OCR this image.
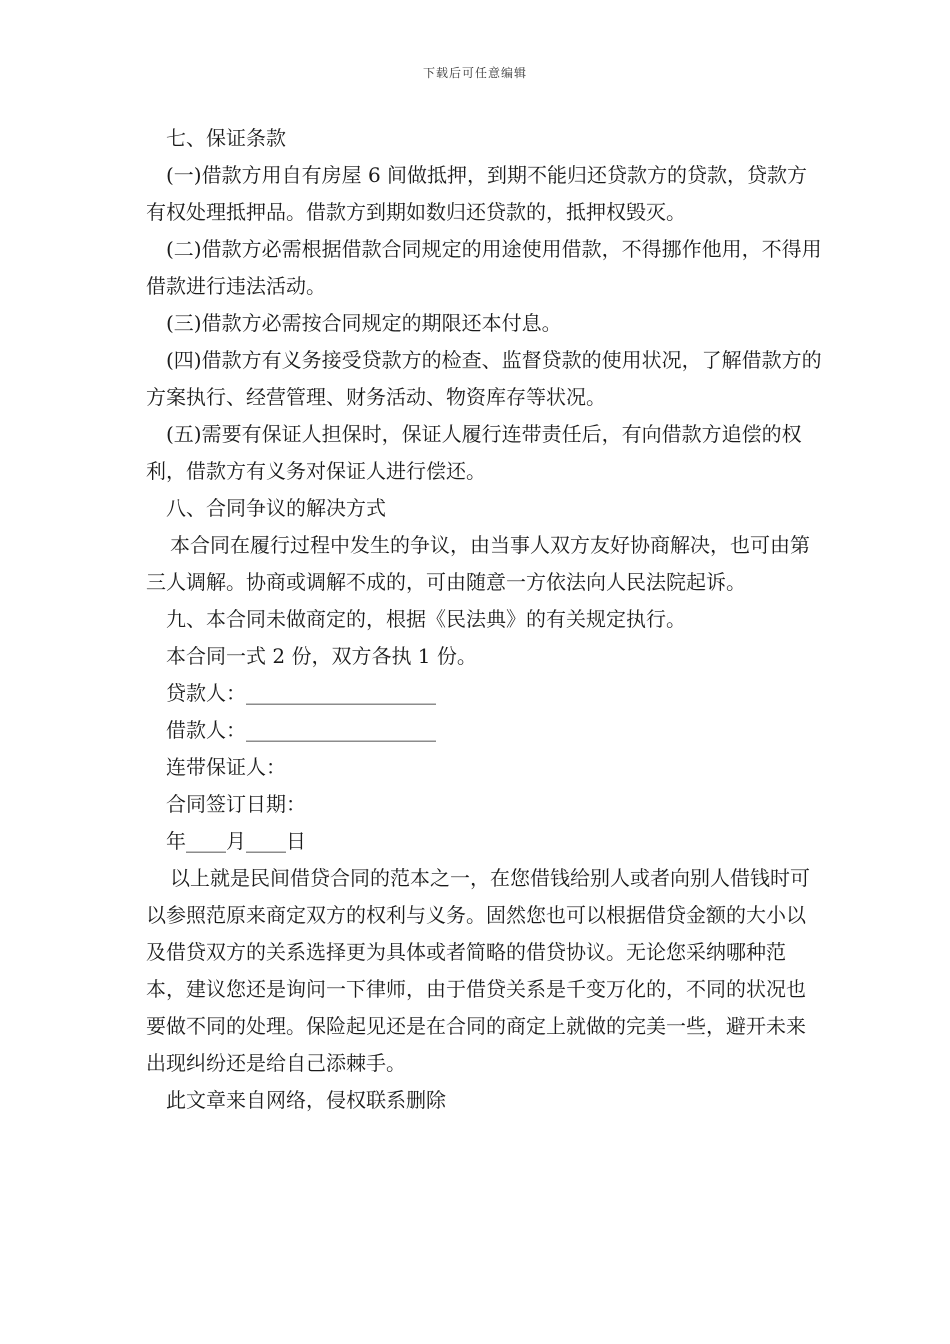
下载后可任意编辑

七、保证条款

(一)借款方用自有房屋 6 间做抵押，到期不能归还贷款方的贷款，贷款方有权处理抵押品。借款方到期如数归还贷款的，抵押权毁灭。

(二)借款方必需根据借款合同规定的用途使用借款，不得挪作他用，不得用借款进行违法活动。

(三)借款方必需按合同规定的期限还本付息。

(四)借款方有义务接受贷款方的检查、监督贷款的使用状况，了解借款方的方案执行、经营管理、财务活动、物资库存等状况。

(五)需要有保证人担保时，保证人履行连带责任后，有向借款方追偿的权利，借款方有义务对保证人进行偿还。

八、合同争议的解决方式

本合同在履行过程中发生的争议，由当事人双方友好协商解决，也可由第三人调解。协商或调解不成的，可由随意一方依法向人民法院起诉。

九、本合同未做商定的，根据《民法典》的有关规定执行。

本合同一式 2 份，双方各执 1 份。

贷款人：___________________

借款人：___________________

连带保证人：

合同签订日期：

年____月____日

以上就是民间借贷合同的范本之一，在您借钱给别人或者向别人借钱时可以参照范原来商定双方的权利与义务。固然您也可以根据借贷金额的大小以及借贷双方的关系选择更为具体或者简略的借贷协议。无论您采纳哪种范本，建议您还是询问一下律师，由于借贷关系是千变万化的，不同的状况也要做不同的处理。保险起见还是在合同的商定上就做的完美一些，避开未来出现纠纷还是给自己添棘手。

此文章来自网络，侵权联系删除
